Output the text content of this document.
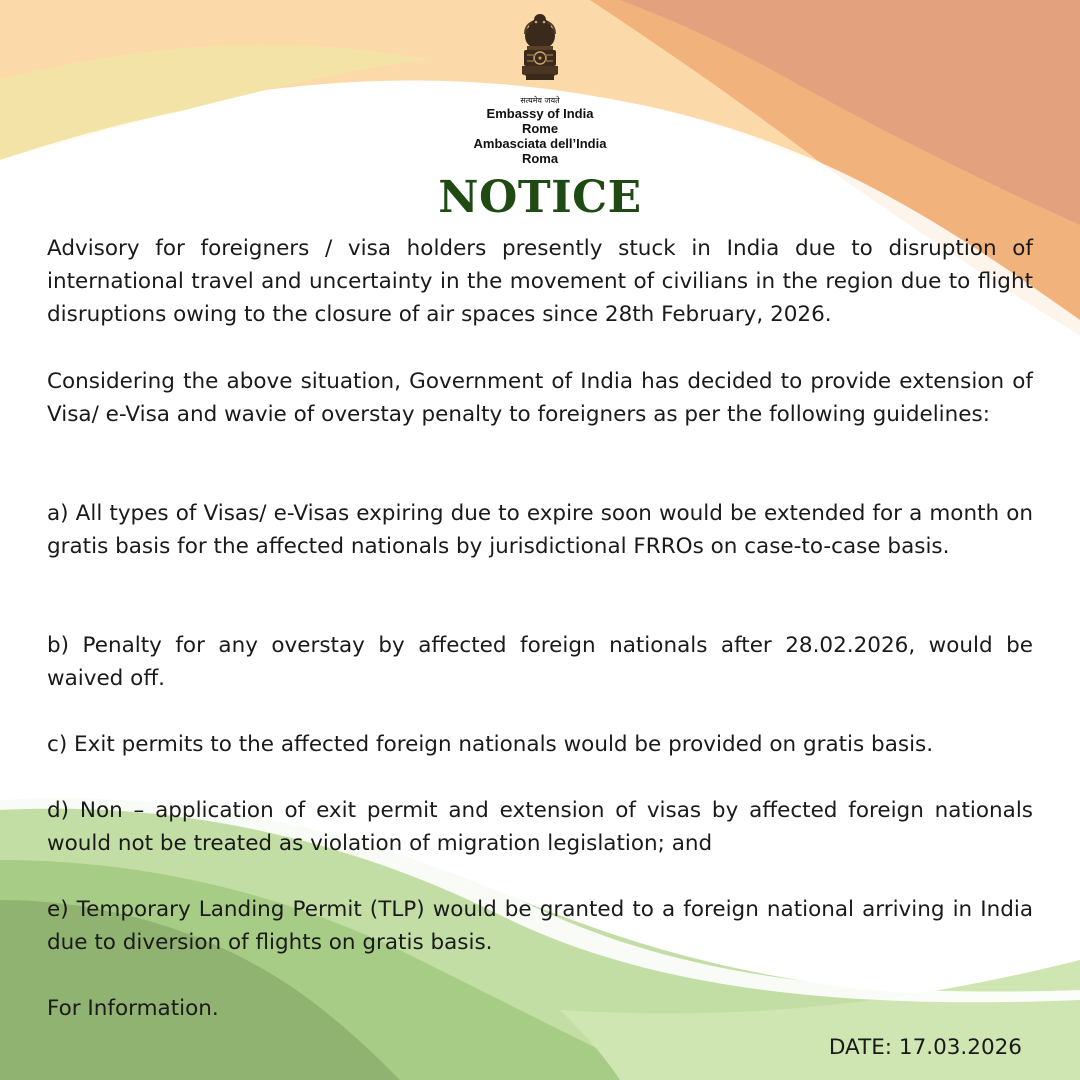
सत्यमेव जयते
Embassy of India
Rome
Ambasciata dell’India
Roma
NOTICE

Advisory for foreigners / visa holders presently stuck in India due to disruption of international travel and uncertainty in the movement of civilians in the region due to flight disruptions owing to the closure of air spaces since 28th February, 2026.

Considering the above situation, Government of India has decided to provide extension of Visa/ e-Visa and wavie of overstay penalty to foreigners as per the following guidelines:

a) All types of Visas/ e-Visas expiring due to expire soon would be extended for a month on gratis basis for the affected nationals by jurisdictional FRROs on case-to-case basis.

b) Penalty for any overstay by affected foreign nationals after 28.02.2026, would be waived off.

c) Exit permits to the affected foreign nationals would be provided on gratis basis.

d) Non – application of exit permit and extension of visas by affected foreign nationals would not be treated as violation of migration legislation; and

e) Temporary Landing Permit (TLP) would be granted to a foreign national arriving in India due to diversion of flights on gratis basis.

For Information.

DATE: 17.03.2026
